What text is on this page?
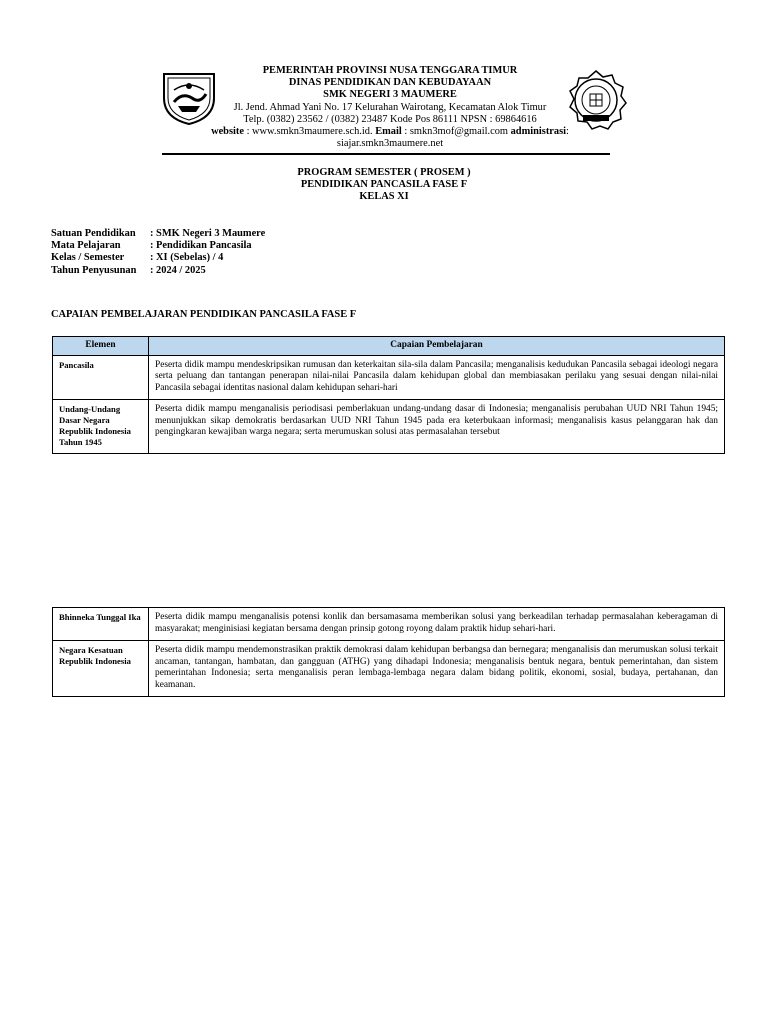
PEMERINTAH PROVINSI NUSA TENGGARA TIMUR
DINAS PENDIDIKAN DAN KEBUDAYAAN
SMK NEGERI 3 MAUMERE
Jl. Jend. Ahmad Yani No. 17 Kelurahan Wairotang, Kecamatan Alok Timur
Telp. (0382) 23562 / (0382) 23487 Kode Pos 86111 NPSN : 69864616
website : www.smkn3maumere.sch.id. Email : smkn3mof@gmail.com administrasi:
siajar.smkn3maumere.net
PROGRAM SEMESTER ( PROSEM )
PENDIDIKAN PANCASILA FASE F
KELAS XI
Satuan Pendidikan	: SMK Negeri 3 Maumere
Mata Pelajaran	: Pendidikan Pancasila
Kelas / Semester	: XI (Sebelas) / 4
Tahun Penyusunan	: 2024 / 2025
CAPAIAN PEMBELAJARAN PENDIDIKAN PANCASILA FASE F
Elemen	Capaian Pembelajaran
Pancasila	Peserta didik mampu mendeskripsikan rumusan dan keterkaitan sila-sila dalam Pancasila; menganalisis kedudukan Pancasila sebagai ideologi negara serta peluang dan tantangan penerapan nilai-nilai Pancasila dalam kehidupan global dan membiasakan perilaku yang sesuai dengan nilai-nilai Pancasila sebagai identitas nasional dalam kehidupan sehari-hari
Undang-Undang Dasar Negara Republik Indonesia Tahun 1945	Peserta didik mampu menganalisis periodisasi pemberlakuan undang-undang dasar di Indonesia; menganalisis perubahan UUD NRI Tahun 1945; menunjukkan sikap demokratis berdasarkan UUD NRI Tahun 1945 pada era keterbukaan informasi; menganalisis kasus pelanggaran hak dan pengingkaran kewajiban warga negara; serta merumuskan solusi atas permasalahan tersebut
Bhinneka Tunggal Ika	Peserta didik mampu menganalisis potensi konlik dan bersamasama memberikan solusi yang berkeadilan terhadap permasalahan keberagaman di masyarakat; menginisiasi kegiatan bersama dengan prinsip gotong royong dalam praktik hidup sehari-hari.
Negara Kesatuan Republik Indonesia	Peserta didik mampu mendemonstrasikan praktik demokrasi dalam kehidupan berbangsa dan bernegara; menganalisis dan merumuskan solusi terkait ancaman, tantangan, hambatan, dan gangguan (ATHG) yang dihadapi Indonesia; menganalisis bentuk negara, bentuk pemerintahan, dan sistem pemerintahan Indonesia; serta menganalisis peran lembaga-lembaga negara dalam bidang politik, ekonomi, sosial, budaya, pertahanan, dan keamanan.
